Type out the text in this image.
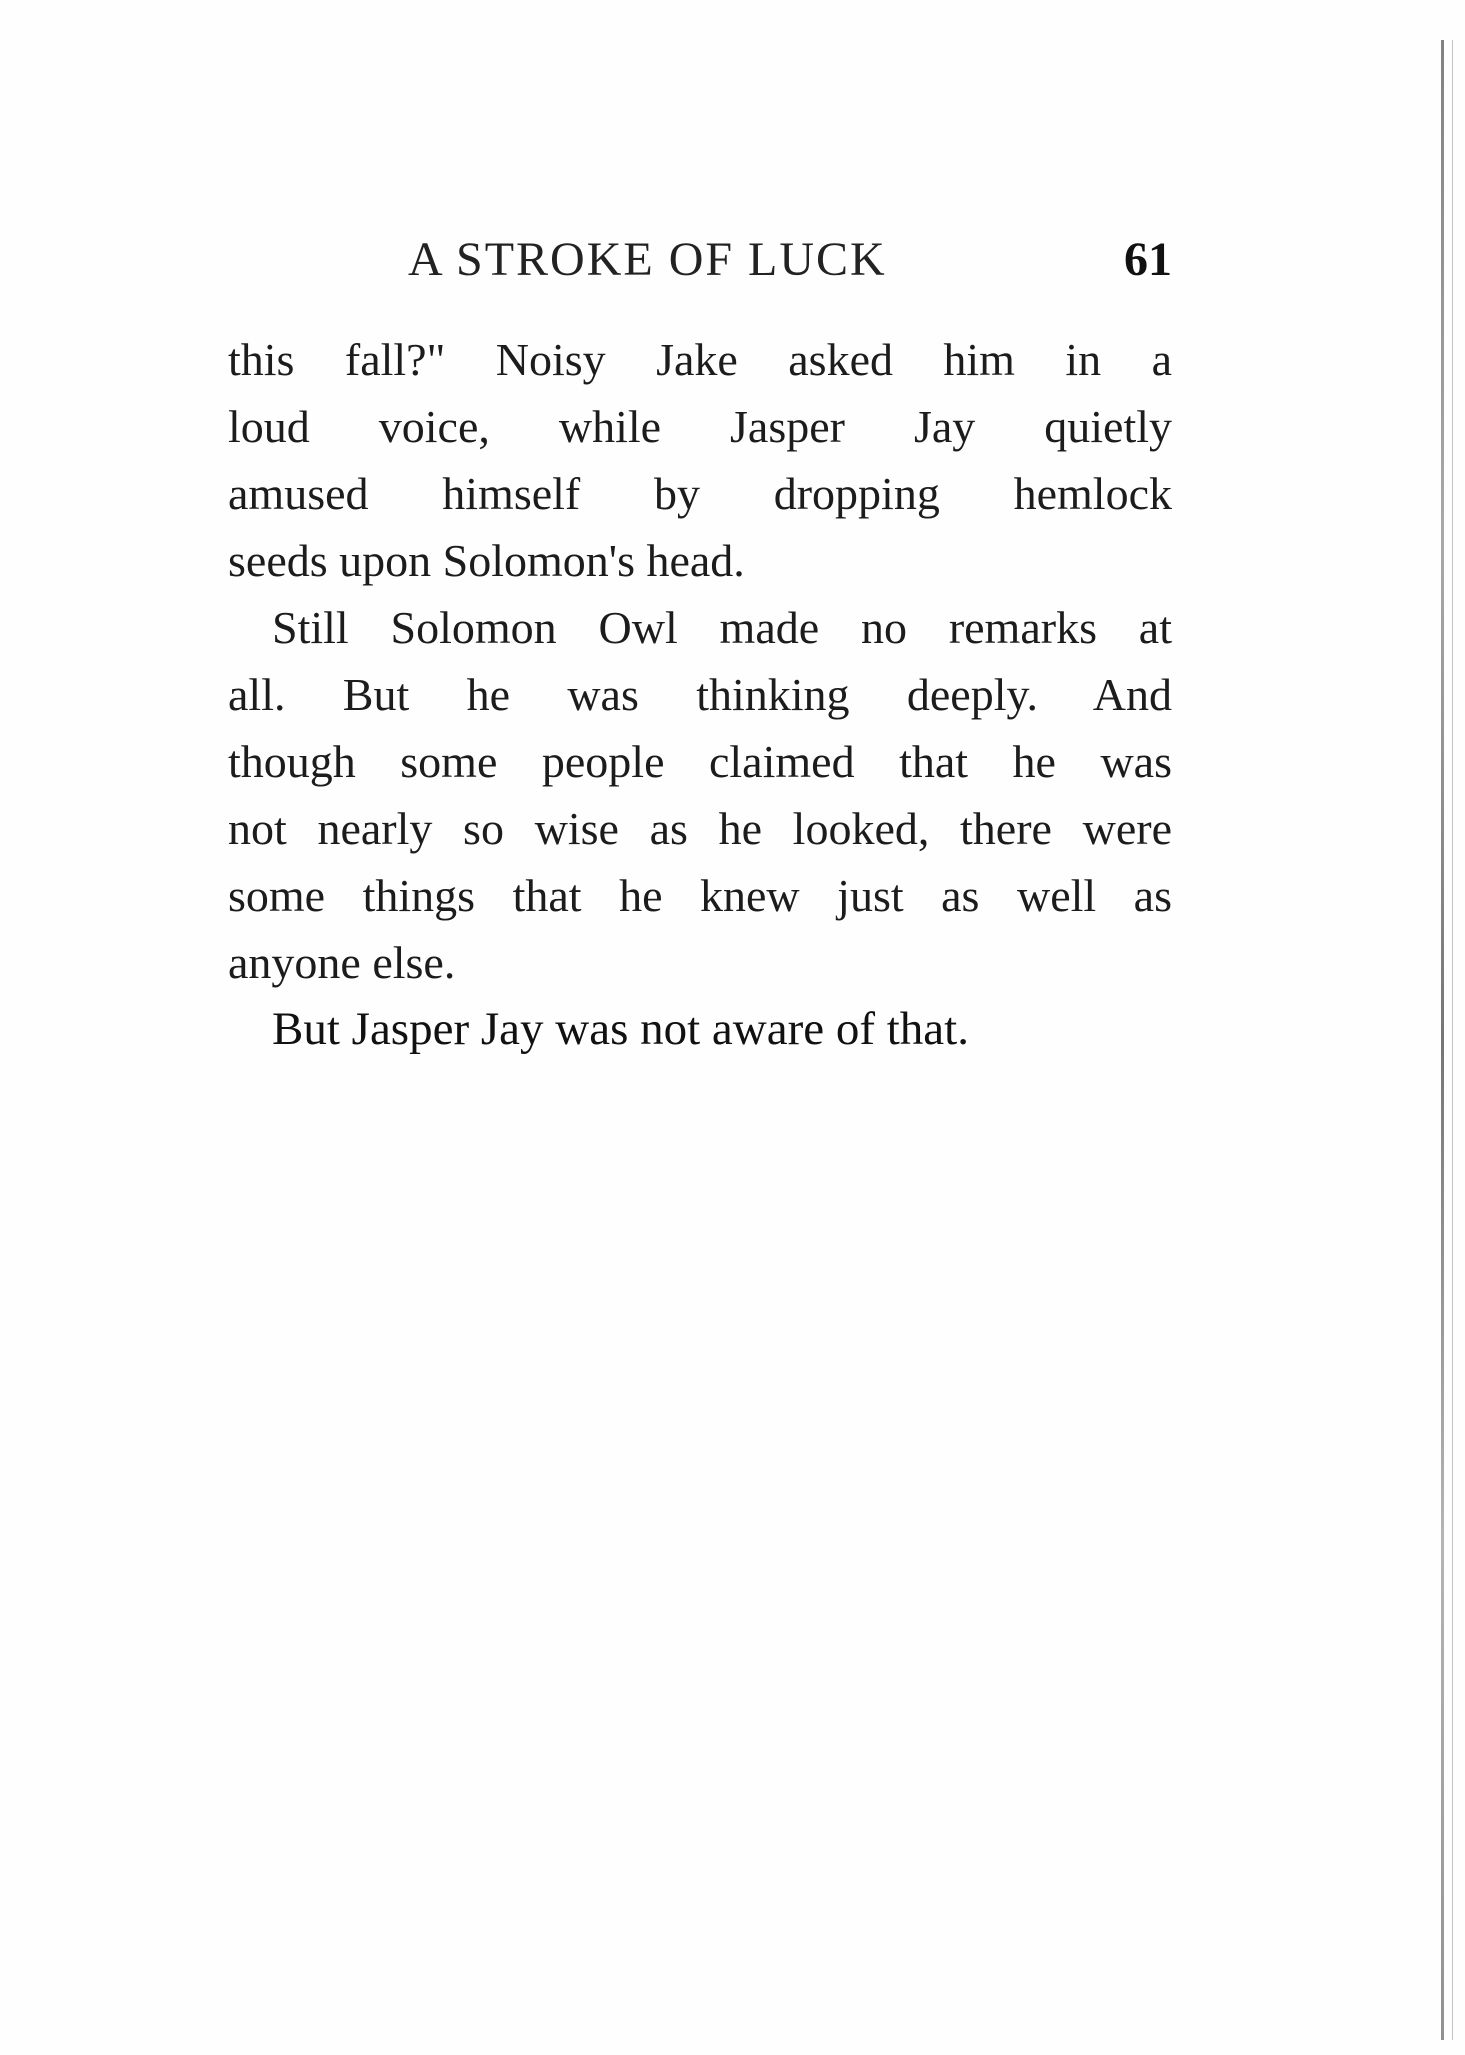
A STROKE OF LUCK	61
this fall?" Noisy Jake asked him in a
loud voice, while Jasper Jay quietly
amused himself by dropping hemlock
seeds upon Solomon's head.
Still Solomon Owl made no remarks at
all. But he was thinking deeply. And
though some people claimed that he was
not nearly so wise as he looked, there were
some things that he knew just as well as
anyone else.
But Jasper Jay was not aware of that.
